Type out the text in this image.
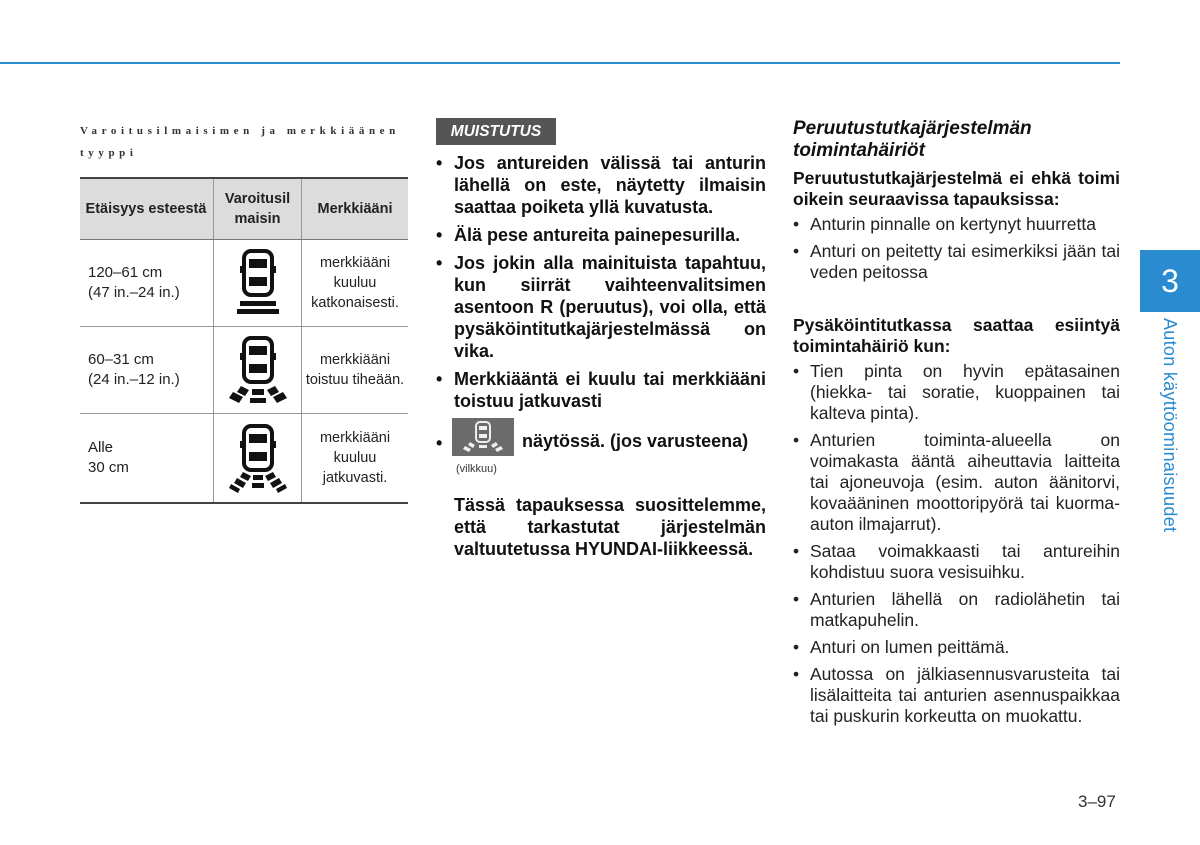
Varoitusilmaisimen ja merkkiäänen tyyppi
Etäisyys esteestä	Varoitusil maisin	Merkkiääni

120–61 cm
(47 in.–24 in.)		merkkiääni kuuluu katkonaisesti.

60–31 cm
(24 in.–12 in.)		merkkiääni toistuu tiheään.

Alle
30 cm		merkkiääni kuuluu jatkuvasti.
MUISTUTUS
• Jos antureiden välissä tai anturin lähellä on este, näytetty ilmaisin saattaa poiketa yllä kuvatusta.
• Älä pese antureita painepesurilla.
• Jos jokin alla mainituista tapahtuu, kun siirrät vaihteenvalitsimen asentoon R (peruutus), voi olla, että pysäköintitutkajärjestelmässä on vika.
• Merkkiääntä ei kuulu tai merkkiääni toistuu jatkuvasti
•
(vilkkuu)
näytössä. (jos varusteena)
Tässä tapauksessa suosittelemme, että tarkastutat järjestelmän valtuutetussa HYUNDAI-liikkeessä.
Peruutustutkajärjestelmän toimintahäiriöt
Peruutustutkajärjestelmä ei ehkä toimi oikein seuraavissa tapauksissa:
• Anturin pinnalle on kertynyt huurretta
• Anturi on peitetty tai esimerkiksi jään tai veden peitossa
Pysäköintitutkassa saattaa esiintyä toimintahäiriö kun:
• Tien pinta on hyvin epätasainen (hiekka- tai soratie, kuoppainen tai kalteva pinta).
• Anturien toiminta-alueella on voimakasta ääntä aiheuttavia laitteita tai ajoneuvoja (esim. auton äänitorvi, kovaääninen moottoripyörä tai kuorma-auton ilmajarrut).
• Sataa voimakkaasti tai antureihin kohdistuu suora vesisuihku.
• Anturien lähellä on radiolähetin tai matkapuhelin.
• Anturi on lumen peittämä.
• Autossa on jälkiasennusvarusteita tai lisälaitteita tai anturien asennuspaikkaa tai puskurin korkeutta on muokattu.
3
Auton käyttöominaisuudet
3–97
